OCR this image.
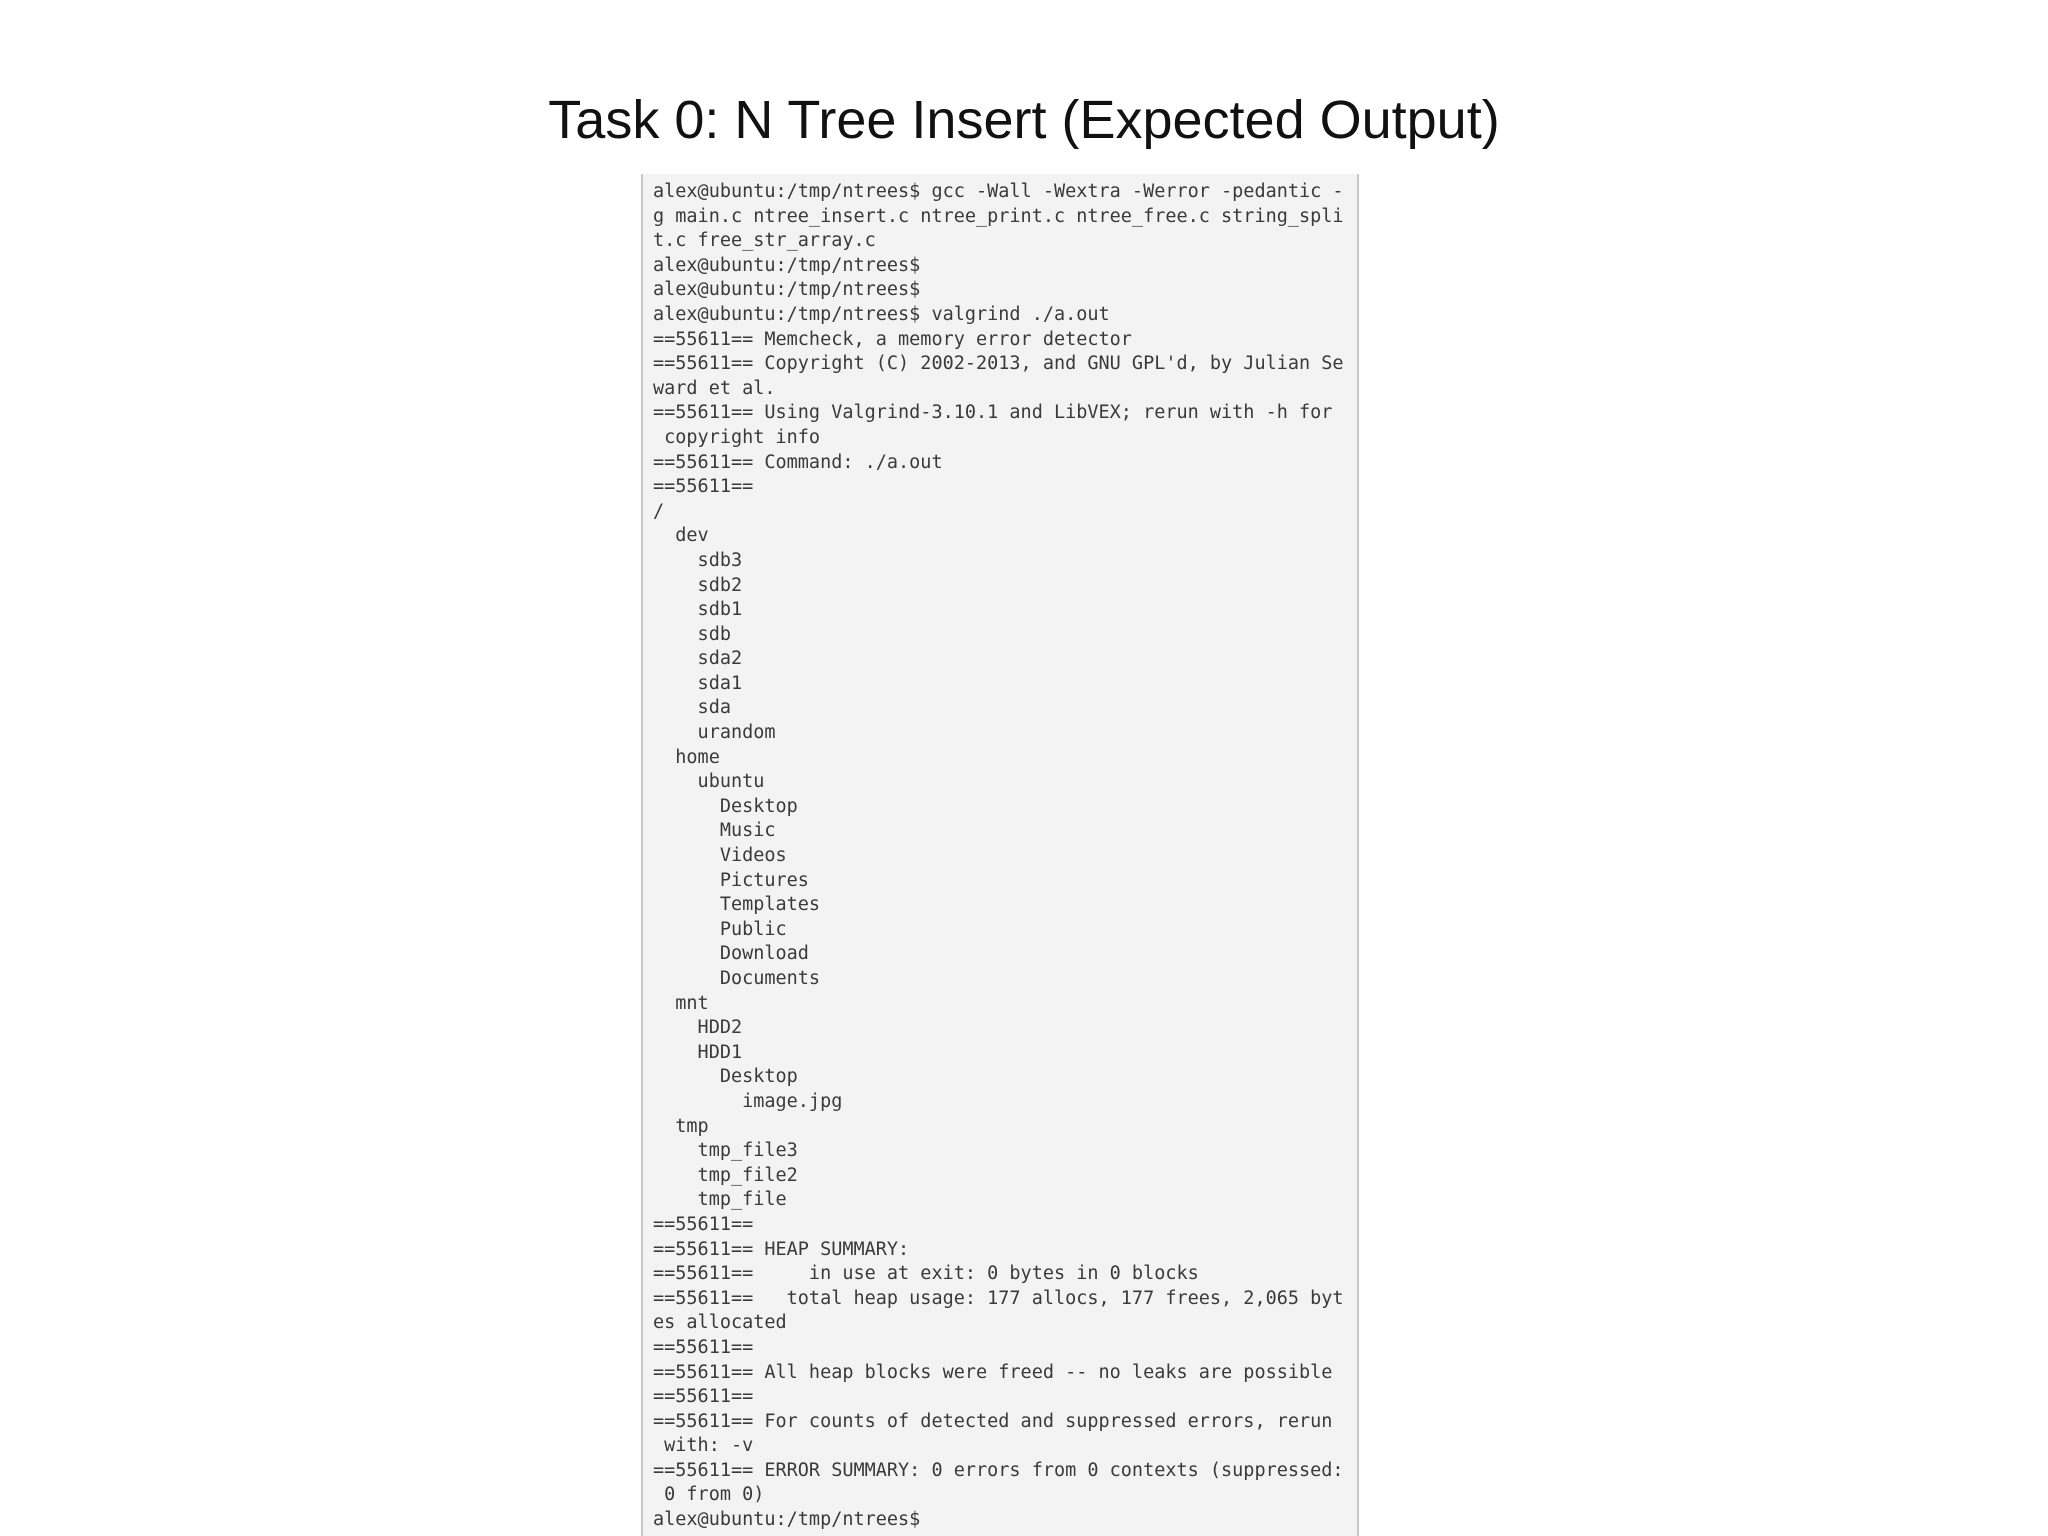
Task 0: N Tree Insert (Expected Output)
alex@ubuntu:/tmp/ntrees$ gcc -Wall -Wextra -Werror -pedantic -
g main.c ntree_insert.c ntree_print.c ntree_free.c string_spli
t.c free_str_array.c
alex@ubuntu:/tmp/ntrees$
alex@ubuntu:/tmp/ntrees$
alex@ubuntu:/tmp/ntrees$ valgrind ./a.out
==55611== Memcheck, a memory error detector
==55611== Copyright (C) 2002-2013, and GNU GPL'd, by Julian Se
ward et al.
==55611== Using Valgrind-3.10.1 and LibVEX; rerun with -h for
copyright info
==55611== Command: ./a.out
==55611==
/
dev
sdb3
sdb2
sdb1
sdb
sda2
sda1
sda
urandom
home
ubuntu
Desktop
Music
Videos
Pictures
Templates
Public
Download
Documents
mnt
HDD2
HDD1
Desktop
image.jpg
tmp
tmp_file3
tmp_file2
tmp_file
==55611==
==55611== HEAP SUMMARY:
==55611==     in use at exit: 0 bytes in 0 blocks
==55611==   total heap usage: 177 allocs, 177 frees, 2,065 byt
es allocated
==55611==
==55611== All heap blocks were freed -- no leaks are possible
==55611==
==55611== For counts of detected and suppressed errors, rerun
with: -v
==55611== ERROR SUMMARY: 0 errors from 0 contexts (suppressed:
0 from 0)
alex@ubuntu:/tmp/ntrees$
